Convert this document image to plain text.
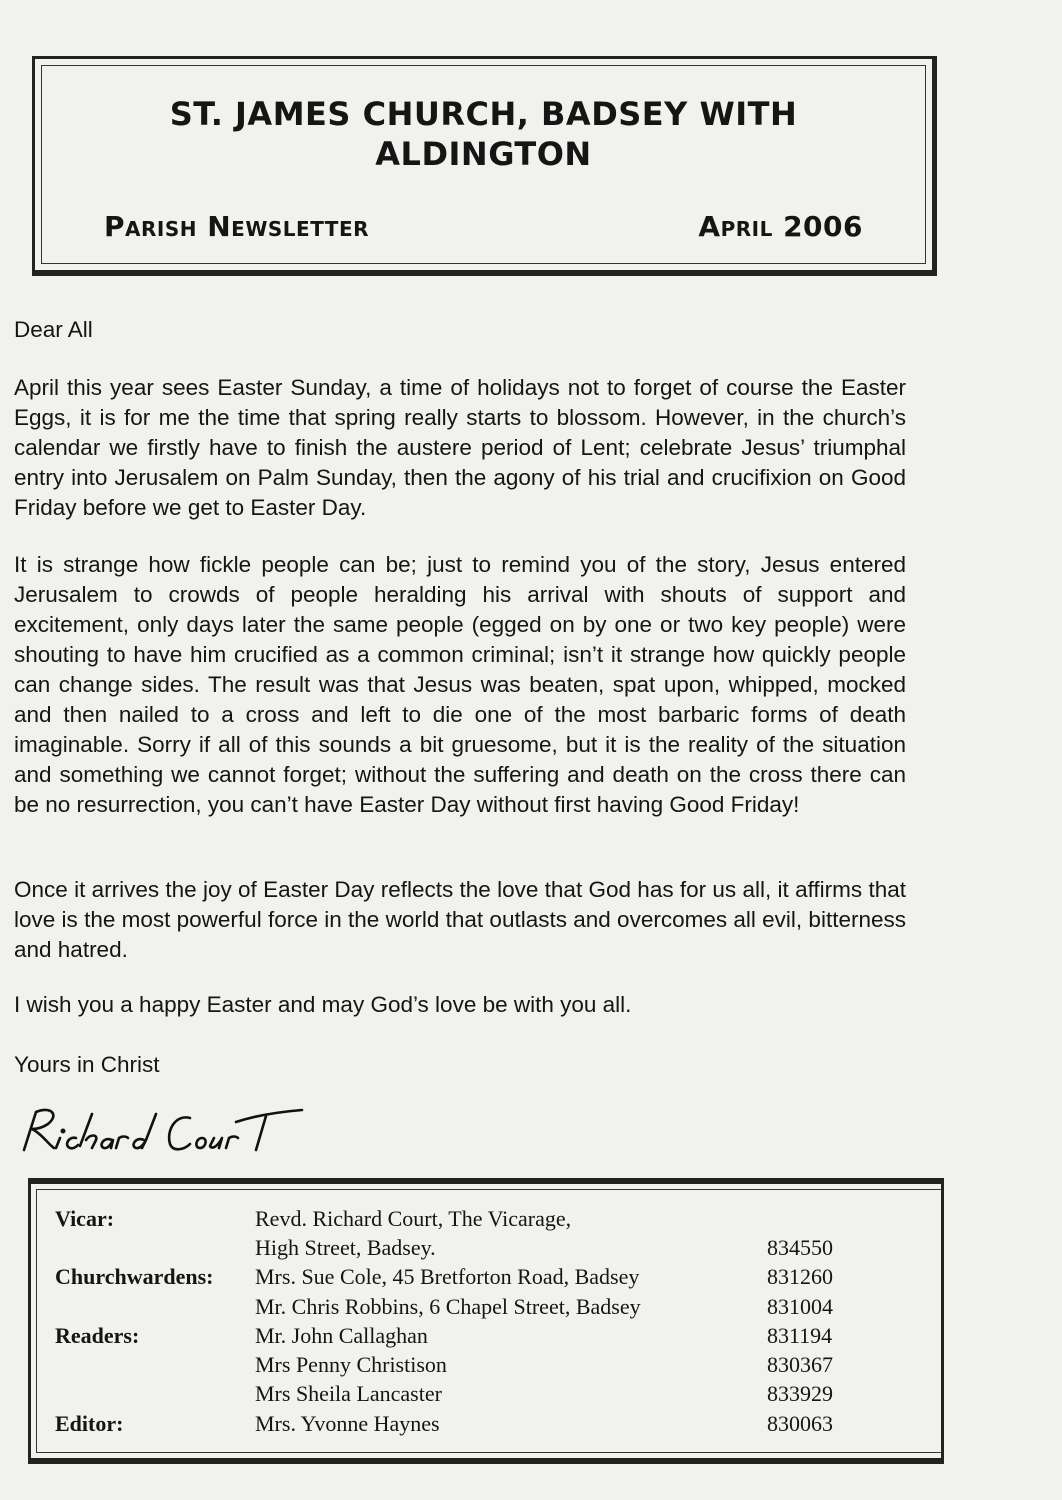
ST. JAMES CHURCH, BADSEY WITH
ALDINGTON
Parish Newsletter	April 2006
Dear All
April this year sees Easter Sunday, a time of holidays not to forget of course the Easter Eggs, it is for me the time that spring really starts to blossom. However, in the church’s calendar we firstly have to finish the austere period of Lent; celebrate Jesus’ triumphal entry into Jerusalem on Palm Sunday, then the agony of his trial and crucifixion on Good Friday before we get to Easter Day.
It is strange how fickle people can be; just to remind you of the story, Jesus entered Jerusalem to crowds of people heralding his arrival with shouts of support and excitement, only days later the same people (egged on by one or two key people) were shouting to have him crucified as a common criminal; isn’t it strange how quickly people can change sides. The result was that Jesus was beaten, spat upon, whipped, mocked and then nailed to a cross and left to die one of the most barbaric forms of death imaginable. Sorry if all of this sounds a bit gruesome, but it is the reality of the situation and something we cannot forget; without the suffering and death on the cross there can be no resurrection, you can’t have Easter Day without first having Good Friday!
Once it arrives the joy of Easter Day reflects the love that God has for us all, it affirms that love is the most powerful force in the world that outlasts and overcomes all evil, bitterness and hatred.
I wish you a happy Easter and may God’s love be with you all.
Yours in Christ
Vicar:	Revd. Richard Court, The Vicarage,	
	High Street, Badsey.	834550
Churchwardens:	Mrs. Sue Cole, 45 Bretforton Road, Badsey	831260
	Mr. Chris Robbins, 6 Chapel Street, Badsey	831004
Readers:	Mr. John Callaghan	831194
	Mrs Penny Christison	830367
	Mrs Sheila Lancaster	833929
Editor:	Mrs. Yvonne Haynes	830063
